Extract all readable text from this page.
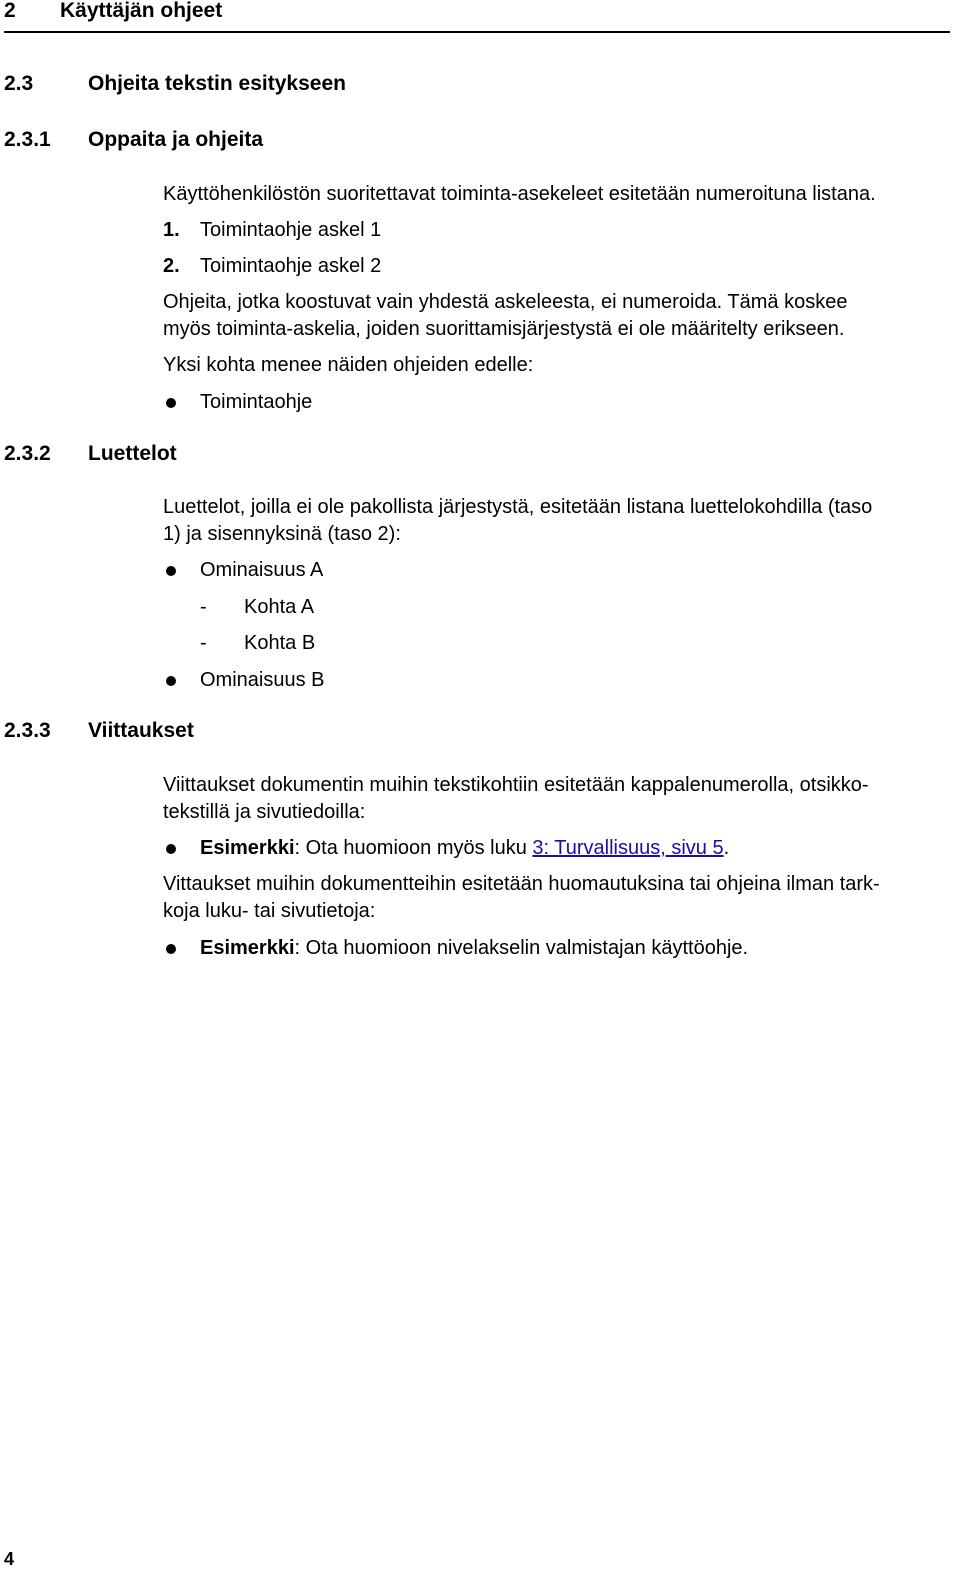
2 Käyttäjän ohjeet
2.3	Ohjeita tekstin esitykseen
2.3.1 Oppaita ja ohjeita
Käyttöhenkilöstön suoritettavat toiminta-asekeleet esitetään numeroituna listana.
1. Toimintaohje askel 1
2. Toimintaohje askel 2
Ohjeita, jotka koostuvat vain yhdestä askeleesta, ei numeroida. Tämä koskee
myös toiminta-askelia, joiden suorittamisjärjestystä ei ole määritelty erikseen.
Yksi kohta menee näiden ohjeiden edelle:
Toimintaohje
2.3.2 Luettelot
Luettelot, joilla ei ole pakollista järjestystä, esitetään listana luettelokohdilla (taso
1) ja sisennyksinä (taso 2):
Ominaisuus A
- Kohta A
- Kohta B
Ominaisuus B
2.3.3 Viittaukset
Viittaukset dokumentin muihin tekstikohtiin esitetään kappalenumerolla, otsikko-
tekstillä ja sivutiedoilla:
Esimerkki: Ota huomioon myös luku 3: Turvallisuus, sivu 5.
Vittaukset muihin dokumentteihin esitetään huomautuksina tai ohjeina ilman tark-
koja luku- tai sivutietoja:
Esimerkki: Ota huomioon nivelakselin valmistajan käyttöohje.
4
